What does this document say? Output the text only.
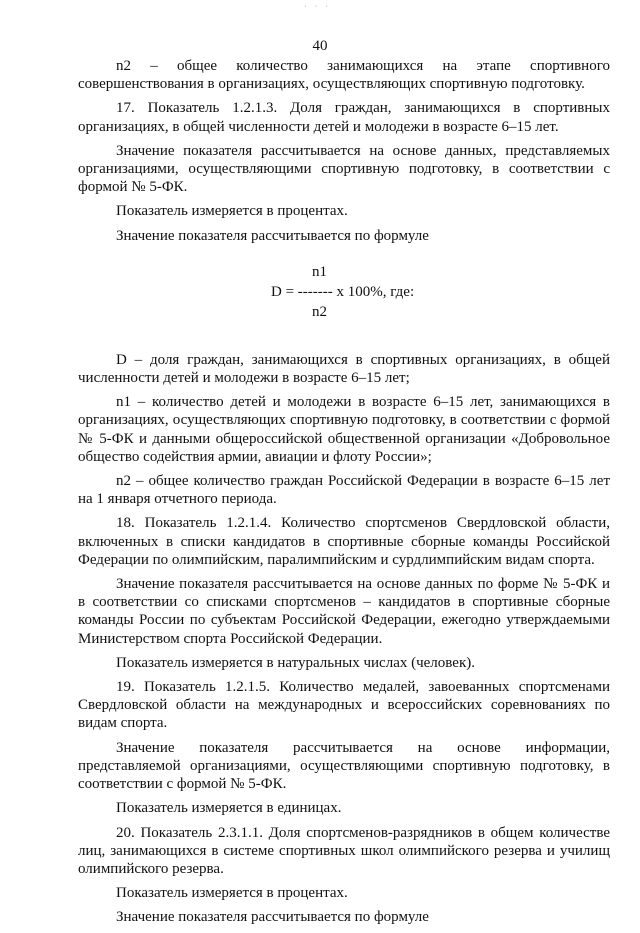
· · ·
40

n2 – общее количество занимающихся на этапе спортивного совершенствования в организациях, осуществляющих спортивную подготовку.

17. Показатель 1.2.1.3. Доля граждан, занимающихся в спортивных организациях, в общей численности детей и молодежи в возрасте 6–15 лет.

Значение показателя рассчитывается на основе данных, представляемых организациями, осуществляющими спортивную подготовку, в соответствии с формой № 5-ФК.

Показатель измеряется в процентах.

Значение показателя рассчитывается по формуле

n1
D = ------- х 100%, где:
n2

D – доля граждан, занимающихся в спортивных организациях, в общей численности детей и молодежи в возрасте 6–15 лет;

n1 – количество детей и молодежи в возрасте 6–15 лет, занимающихся в организациях, осуществляющих спортивную подготовку, в соответствии с формой № 5-ФК и данными общероссийской общественной организации «Добровольное общество содействия армии, авиации и флоту России»;

n2 – общее количество граждан Российской Федерации в возрасте 6–15 лет на 1 января отчетного периода.

18. Показатель 1.2.1.4. Количество спортсменов Свердловской области, включенных в списки кандидатов в спортивные сборные команды Российской Федерации по олимпийским, паралимпийским и сурдлимпийским видам спорта.

Значение показателя рассчитывается на основе данных по форме № 5-ФК и в соответствии со списками спортсменов – кандидатов в спортивные сборные команды России по субъектам Российской Федерации, ежегодно утверждаемыми Министерством спорта Российской Федерации.

Показатель измеряется в натуральных числах (человек).

19. Показатель 1.2.1.5. Количество медалей, завоеванных спортсменами Свердловской области на международных и всероссийских соревнованиях по видам спорта.

Значение показателя рассчитывается на основе информации, представляемой организациями, осуществляющими спортивную подготовку, в соответствии с формой № 5-ФК.

Показатель измеряется в единицах.

20. Показатель 2.3.1.1. Доля спортсменов-разрядников в общем количестве лиц, занимающихся в системе спортивных школ олимпийского резерва и училищ олимпийского резерва.

Показатель измеряется в процентах.

Значение показателя рассчитывается по формуле
